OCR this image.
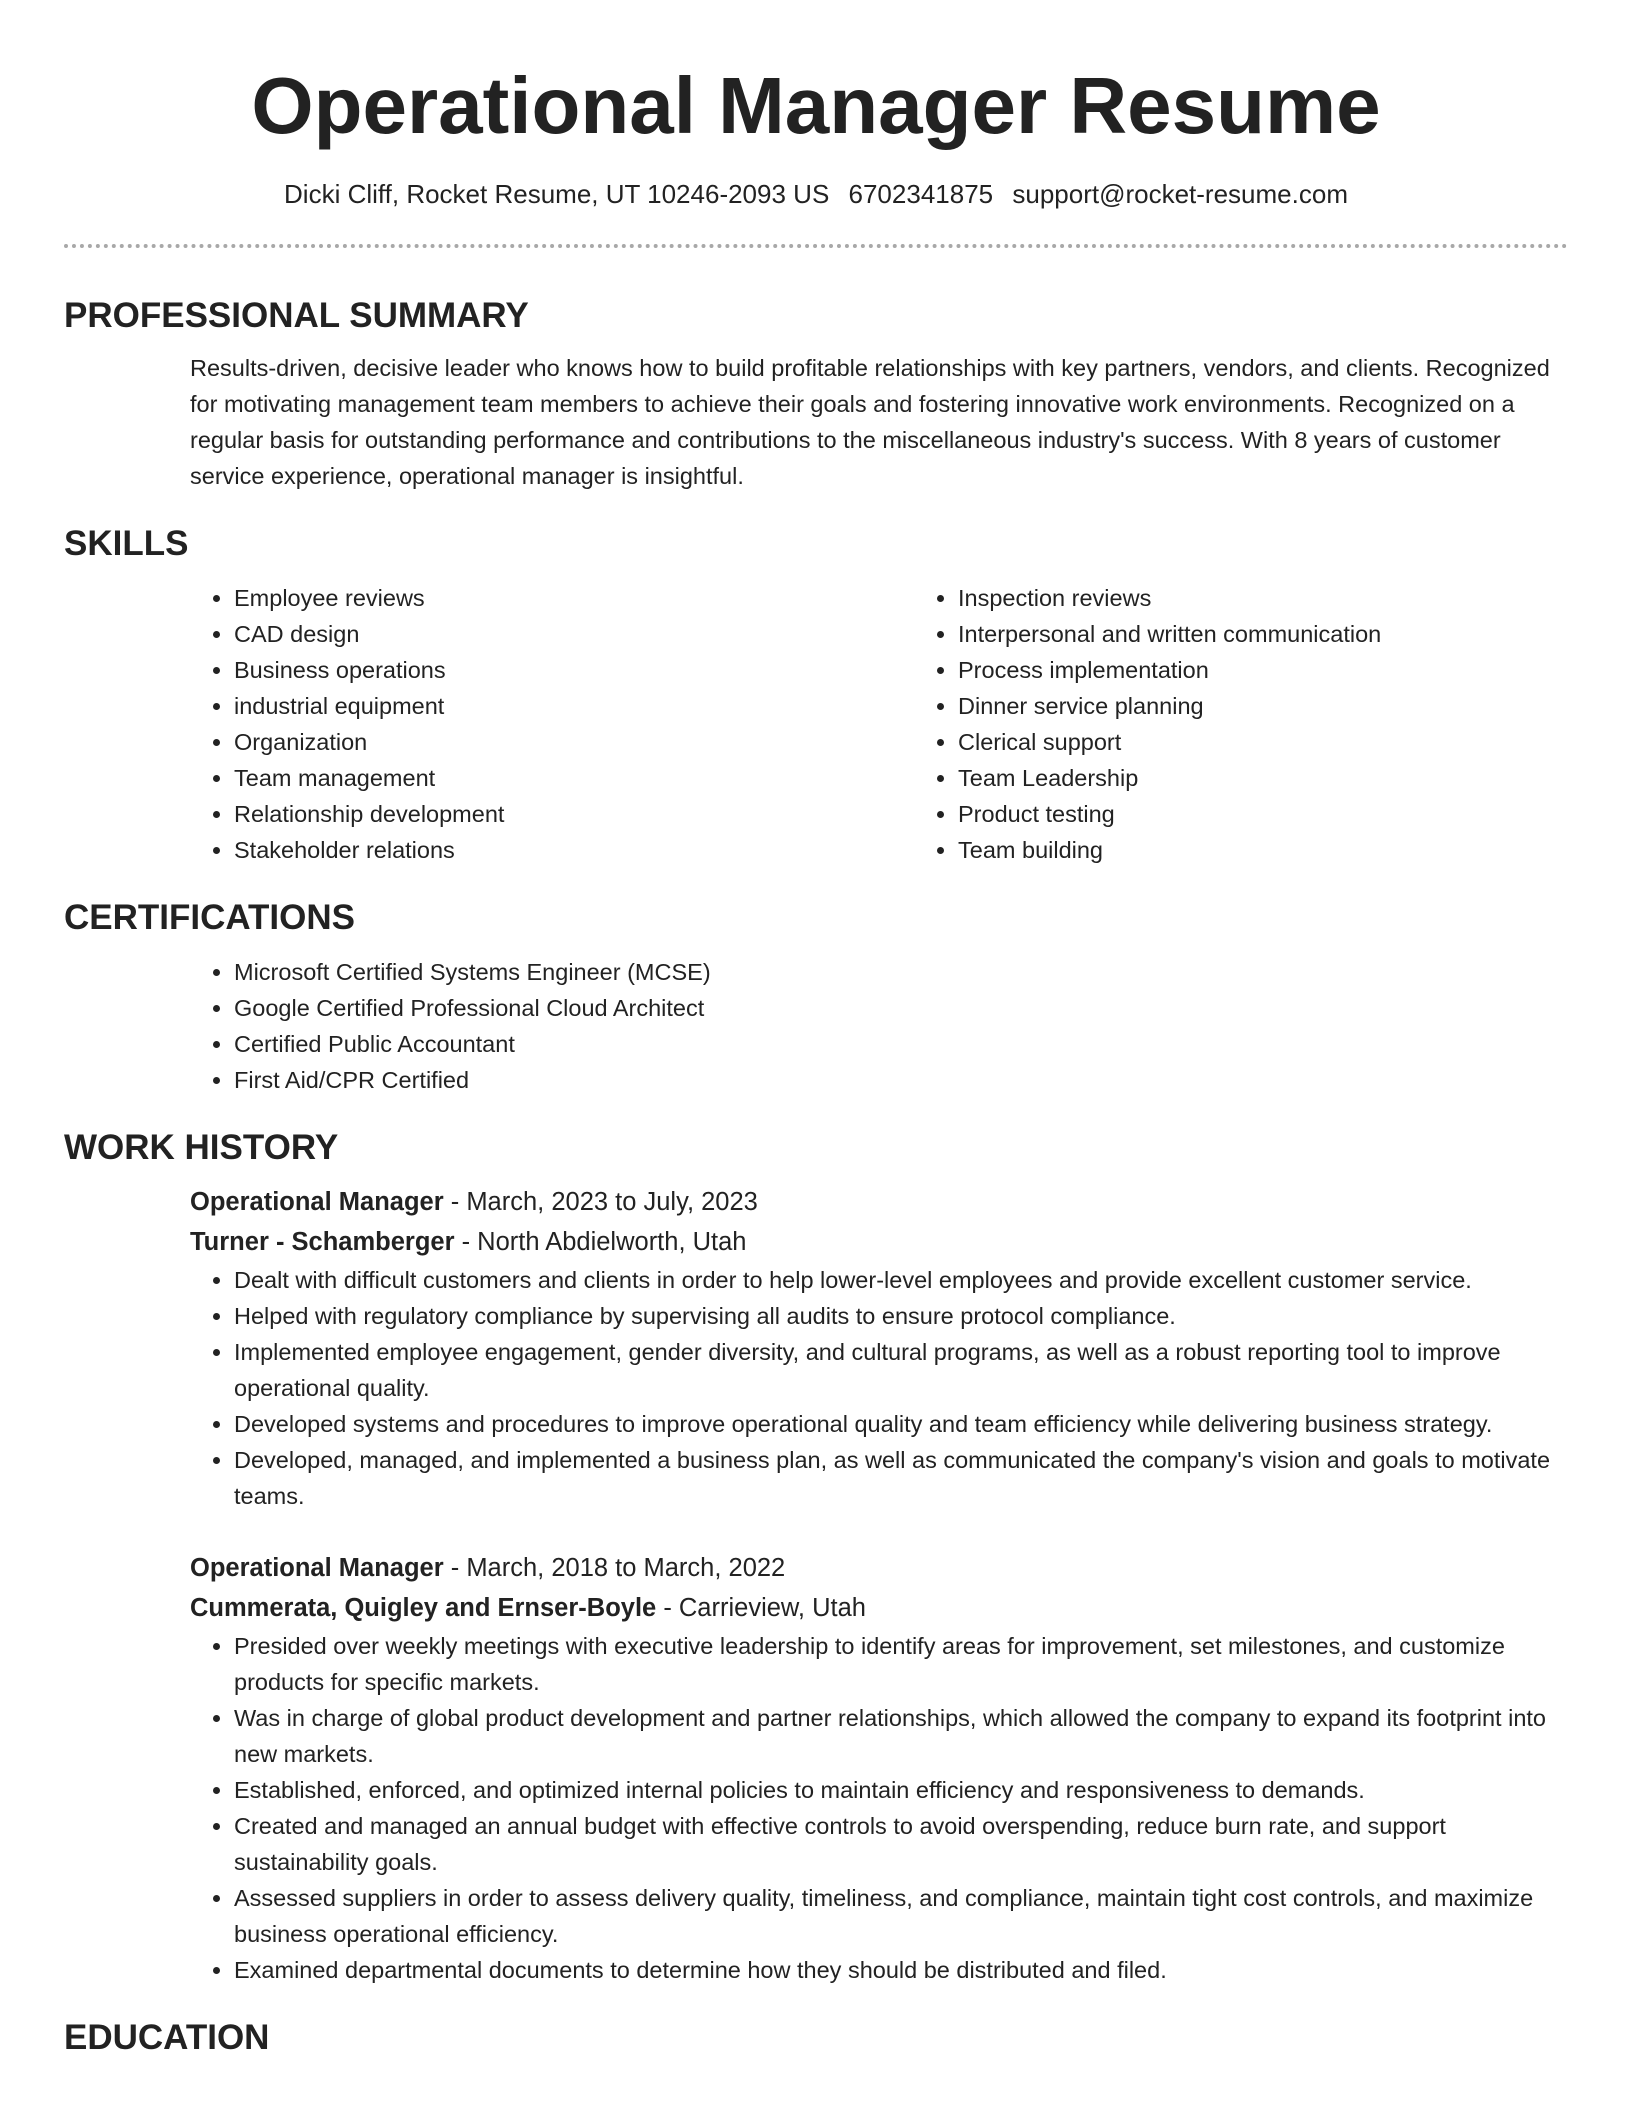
Operational Manager Resume
Dicki Cliff, Rocket Resume, UT 10246-2093 US 6702341875 support@rocket-resume.com
PROFESSIONAL SUMMARY

Results-driven, decisive leader who knows how to build profitable relationships with key partners, vendors, and clients. Recognized for motivating management team members to achieve their goals and fostering innovative work environments. Recognized on a regular basis for outstanding performance and contributions to the miscellaneous industry's success. With 8 years of customer service experience, operational manager is insightful.

SKILLS
• Employee reviews
• CAD design
• Business operations
• industrial equipment
• Organization
• Team management
• Relationship development
• Stakeholder relations
• Inspection reviews
• Interpersonal and written communication
• Process implementation
• Dinner service planning
• Clerical support
• Team Leadership
• Product testing
• Team building
CERTIFICATIONS
• Microsoft Certified Systems Engineer (MCSE)
• Google Certified Professional Cloud Architect
• Certified Public Accountant
• First Aid/CPR Certified
WORK HISTORY
Operational Manager - March, 2023 to July, 2023
Turner - Schamberger - North Abdielworth, Utah
• Dealt with difficult customers and clients in order to help lower-level employees and provide excellent customer service.
• Helped with regulatory compliance by supervising all audits to ensure protocol compliance.
• Implemented employee engagement, gender diversity, and cultural programs, as well as a robust reporting tool to improve operational quality.
• Developed systems and procedures to improve operational quality and team efficiency while delivering business strategy.
• Developed, managed, and implemented a business plan, as well as communicated the company's vision and goals to motivate teams.
Operational Manager - March, 2018 to March, 2022
Cummerata, Quigley and Ernser-Boyle - Carrieview, Utah
• Presided over weekly meetings with executive leadership to identify areas for improvement, set milestones, and customize products for specific markets.
• Was in charge of global product development and partner relationships, which allowed the company to expand its footprint into new markets.
• Established, enforced, and optimized internal policies to maintain efficiency and responsiveness to demands.
• Created and managed an annual budget with effective controls to avoid overspending, reduce burn rate, and support sustainability goals.
• Assessed suppliers in order to assess delivery quality, timeliness, and compliance, maintain tight cost controls, and maximize business operational efficiency.
• Examined departmental documents to determine how they should be distributed and filed.
EDUCATION
